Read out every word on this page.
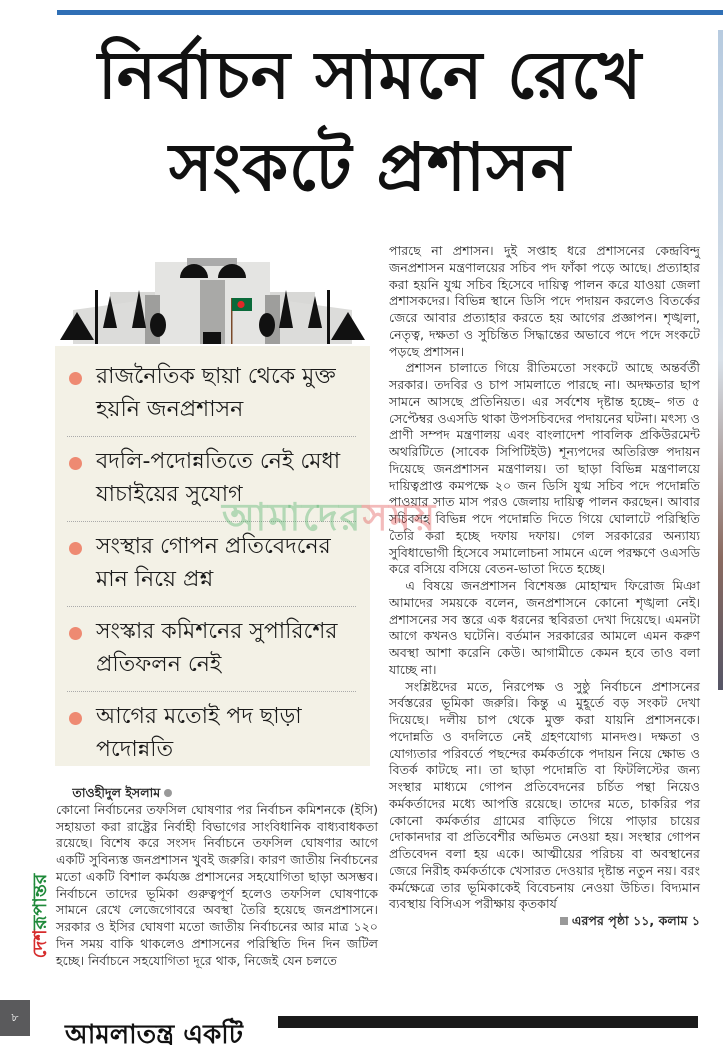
নির্বাচন সামনে রেখে
সংকটে প্রশাসন
রাজনৈতিক ছায়া থেকে মুক্ত হয়নি জনপ্রশাসন
বদলি-পদোন্নতিতে নেই মেধা যাচাইয়ের সুযোগ
সংস্থার গোপন প্রতিবেদনের মান নিয়ে প্রশ্ন
সংস্কার কমিশনের সুপারিশের প্রতিফলন নেই
আগের মতোই পদ ছাড়া পদোন্নতি

তাওহীদুল ইসলাম

কোনো নির্বাচনের তফসিল ঘোষণার পর নির্বাচন কমিশনকে (ইসি) সহায়তা করা রাষ্ট্রের নির্বাহী বিভাগের সাংবিধানিক বাধ্যবাধকতা রয়েছে। বিশেষ করে সংসদ নির্বাচনে তফসিল ঘোষণার আগে একটি সুবিন্যস্ত জনপ্রশাসন খুবই জরুরি। কারণ জাতীয় নির্বাচনের মতো একটি বিশাল কর্মযজ্ঞ প্রশাসনের সহযোগিতা ছাড়া অসম্ভব। নির্বাচনে তাদের ভূমিকা গুরুত্বপূর্ণ হলেও তফসিল ঘোষণাকে সামনে রেখে লেজেগোবরে অবস্থা তৈরি হয়েছে জনপ্রশাসনে। সরকার ও ইসির ঘোষণা মতো জাতীয় নির্বাচনের আর মাত্র ১২০ দিন সময় বাকি থাকলেও প্রশাসনের পরিস্থিতি দিন দিন জটিল হচ্ছে। নির্বাচনে সহযোগিতা দূরে থাক, নিজেই যেন চলতে

পারছে না প্রশাসন। দুই সপ্তাহ ধরে প্রশাসনের কেন্দ্রবিন্দু জনপ্রশাসন মন্ত্রণালয়ের সচিব পদ ফাঁকা পড়ে আছে। প্রত্যাহার করা হয়নি যুগ্ম সচিব হিসেবে দায়িত্ব পালন করে যাওয়া জেলা প্রশাসকদের। বিভিন্ন স্থানে ডিসি পদে পদায়ন করলেও বিতর্কের জেরে আবার প্রত্যাহার করতে হয় আগের প্রজ্ঞাপন। শৃঙ্খলা, নেতৃত্ব, দক্ষতা ও সুচিন্তিত সিদ্ধান্তের অভাবে পদে পদে সংকটে পড়ছে প্রশাসন।

প্রশাসন চালাতে গিয়ে রীতিমতো সংকটে আছে অন্তর্বর্তী সরকার। তদবির ও চাপ সামলাতে পারছে না। অদক্ষতার ছাপ সামনে আসছে প্রতিনিয়ত। এর সর্বশেষ দৃষ্টান্ত হচ্ছে– গত ৫ সেপ্টেম্বর ওএসডি থাকা উপসচিবদের পদায়নের ঘটনা। মৎস্য ও প্রাণী সম্পদ মন্ত্রণালয় এবং বাংলাদেশ পাবলিক প্রকিউরমেন্ট অথরিটিতে (সাবেক সিপিটিইউ) শূন্যপদের অতিরিক্ত পদায়ন দিয়েছে জনপ্রশাসন মন্ত্রণালয়। তা ছাড়া বিভিন্ন মন্ত্রণালয়ে দায়িত্বপ্রাপ্ত কমপক্ষে ২০ জন ডিসি যুগ্ম সচিব পদে পদোন্নতি পাওয়ার সাত মাস পরও জেলায় দায়িত্ব পালন করছেন। আবার সচিবসহ বিভিন্ন পদে পদোন্নতি দিতে গিয়ে ঘোলাটে পরিস্থিতি তৈরি করা হচ্ছে দফায় দফায়। গেল সরকারের অন্যায্য সুবিধাভোগী হিসেবে সমালোচনা সামনে এলে পরক্ষণে ওএসডি করে বসিয়ে বসিয়ে বেতন-ভাতা দিতে হচ্ছে।

এ বিষয়ে জনপ্রশাসন বিশেষজ্ঞ মোহাম্মদ ফিরোজ মিঞা আমাদের সময়কে বলেন, জনপ্রশাসনে কোনো শৃঙ্খলা নেই। প্রশাসনের সব স্তরে এক ধরনের স্থবিরতা দেখা দিয়েছে। এমনটা আগে কখনও ঘটেনি। বর্তমান সরকারের আমলে এমন করুণ অবস্থা আশা করেনি কেউ। আগামীতে কেমন হবে তাও বলা যাচ্ছে না।

সংশ্লিষ্টদের মতে, নিরপেক্ষ ও সুষ্ঠু নির্বাচনে প্রশাসনের সর্বস্তরের ভূমিকা জরুরি। কিন্তু এ মুহূর্তে বড় সংকট দেখা দিয়েছে। দলীয় চাপ থেকে মুক্ত করা যায়নি প্রশাসনকে। পদোন্নতি ও বদলিতে নেই গ্রহণযোগ্য মানদণ্ড। দক্ষতা ও যোগ্যতার পরিবর্তে পছন্দের কর্মকর্তাকে পদায়ন নিয়ে ক্ষোভ ও বিতর্ক কাটছে না। তা ছাড়া পদোন্নতি বা ফিটলিস্টের জন্য সংস্থার মাধ্যমে গোপন প্রতিবেদনের চর্চিত পন্থা নিয়েও কর্মকর্তাদের মধ্যে আপত্তি রয়েছে। তাদের মতে, চাকরির পর কোনো কর্মকর্তার গ্রামের বাড়িতে গিয়ে পাড়ার চায়ের দোকানদার বা প্রতিবেশীর অভিমত নেওয়া হয়। সংস্থার গোপন প্রতিবেদন বলা হয় একে। আত্মীয়ের পরিচয় বা অবস্থানের জেরে নিরীহ কর্মকর্তাকে খেসারত দেওয়ার দৃষ্টান্ত নতুন নয়। বরং কর্মক্ষেত্রে তার ভূমিকাকেই বিবেচনায় নেওয়া উচিত। বিদ্যমান ব্যবস্থায় বিসিএস পরীক্ষায় কৃতকার্য
এরপর পৃষ্ঠা ১১, কলাম ১

আমাদেরসময়
দেশরূপান্তর
৮
আমলাতন্ত্র একটি
